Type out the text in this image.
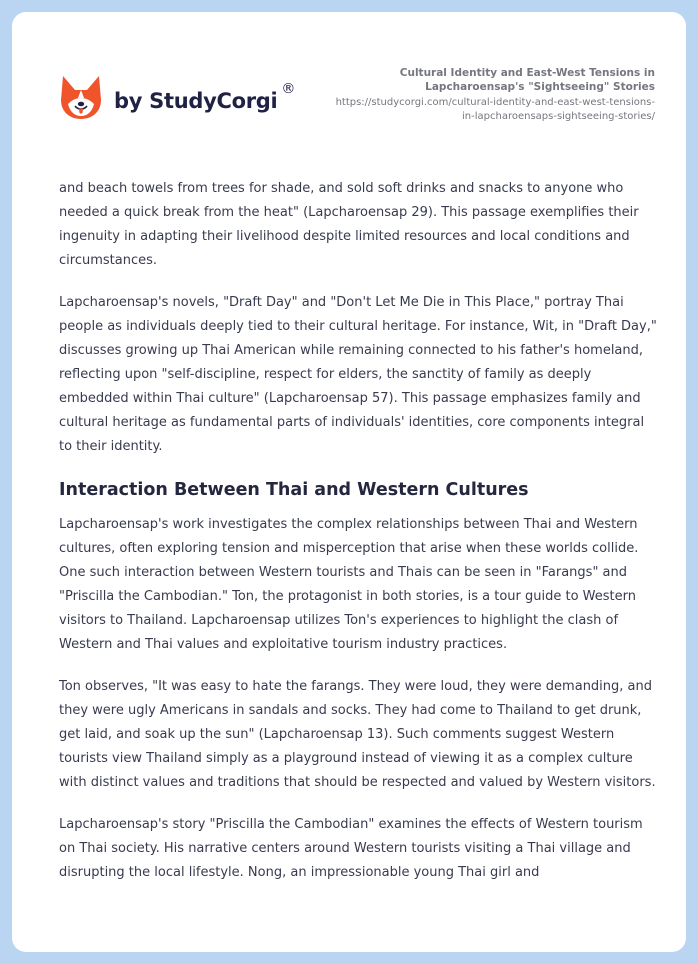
by StudyCorgi ®
Cultural Identity and East-West Tensions in Lapcharoensap's "Sightseeing" Stories
https://studycorgi.com/cultural-identity-and-east-west-tensions-in-lapcharoensaps-sightseeing-stories/

and beach towels from trees for shade, and sold soft drinks and snacks to anyone who needed a quick break from the heat" (Lapcharoensap 29). This passage exemplifies their ingenuity in adapting their livelihood despite limited resources and local conditions and circumstances.

Lapcharoensap's novels, "Draft Day" and "Don't Let Me Die in This Place," portray Thai people as individuals deeply tied to their cultural heritage. For instance, Wit, in "Draft Day," discusses growing up Thai American while remaining connected to his father's homeland, reflecting upon "self-discipline, respect for elders, the sanctity of family as deeply embedded within Thai culture" (Lapcharoensap 57). This passage emphasizes family and cultural heritage as fundamental parts of individuals' identities, core components integral to their identity.

Interaction Between Thai and Western Cultures

Lapcharoensap's work investigates the complex relationships between Thai and Western cultures, often exploring tension and misperception that arise when these worlds collide. One such interaction between Western tourists and Thais can be seen in "Farangs" and "Priscilla the Cambodian." Ton, the protagonist in both stories, is a tour guide to Western visitors to Thailand. Lapcharoensap utilizes Ton's experiences to highlight the clash of Western and Thai values and exploitative tourism industry practices.

Ton observes, "It was easy to hate the farangs. They were loud, they were demanding, and they were ugly Americans in sandals and socks. They had come to Thailand to get drunk, get laid, and soak up the sun" (Lapcharoensap 13). Such comments suggest Western tourists view Thailand simply as a playground instead of viewing it as a complex culture with distinct values and traditions that should be respected and valued by Western visitors.

Lapcharoensap's story "Priscilla the Cambodian" examines the effects of Western tourism on Thai society. His narrative centers around Western tourists visiting a Thai village and disrupting the local lifestyle. Nong, an impressionable young Thai girl and
